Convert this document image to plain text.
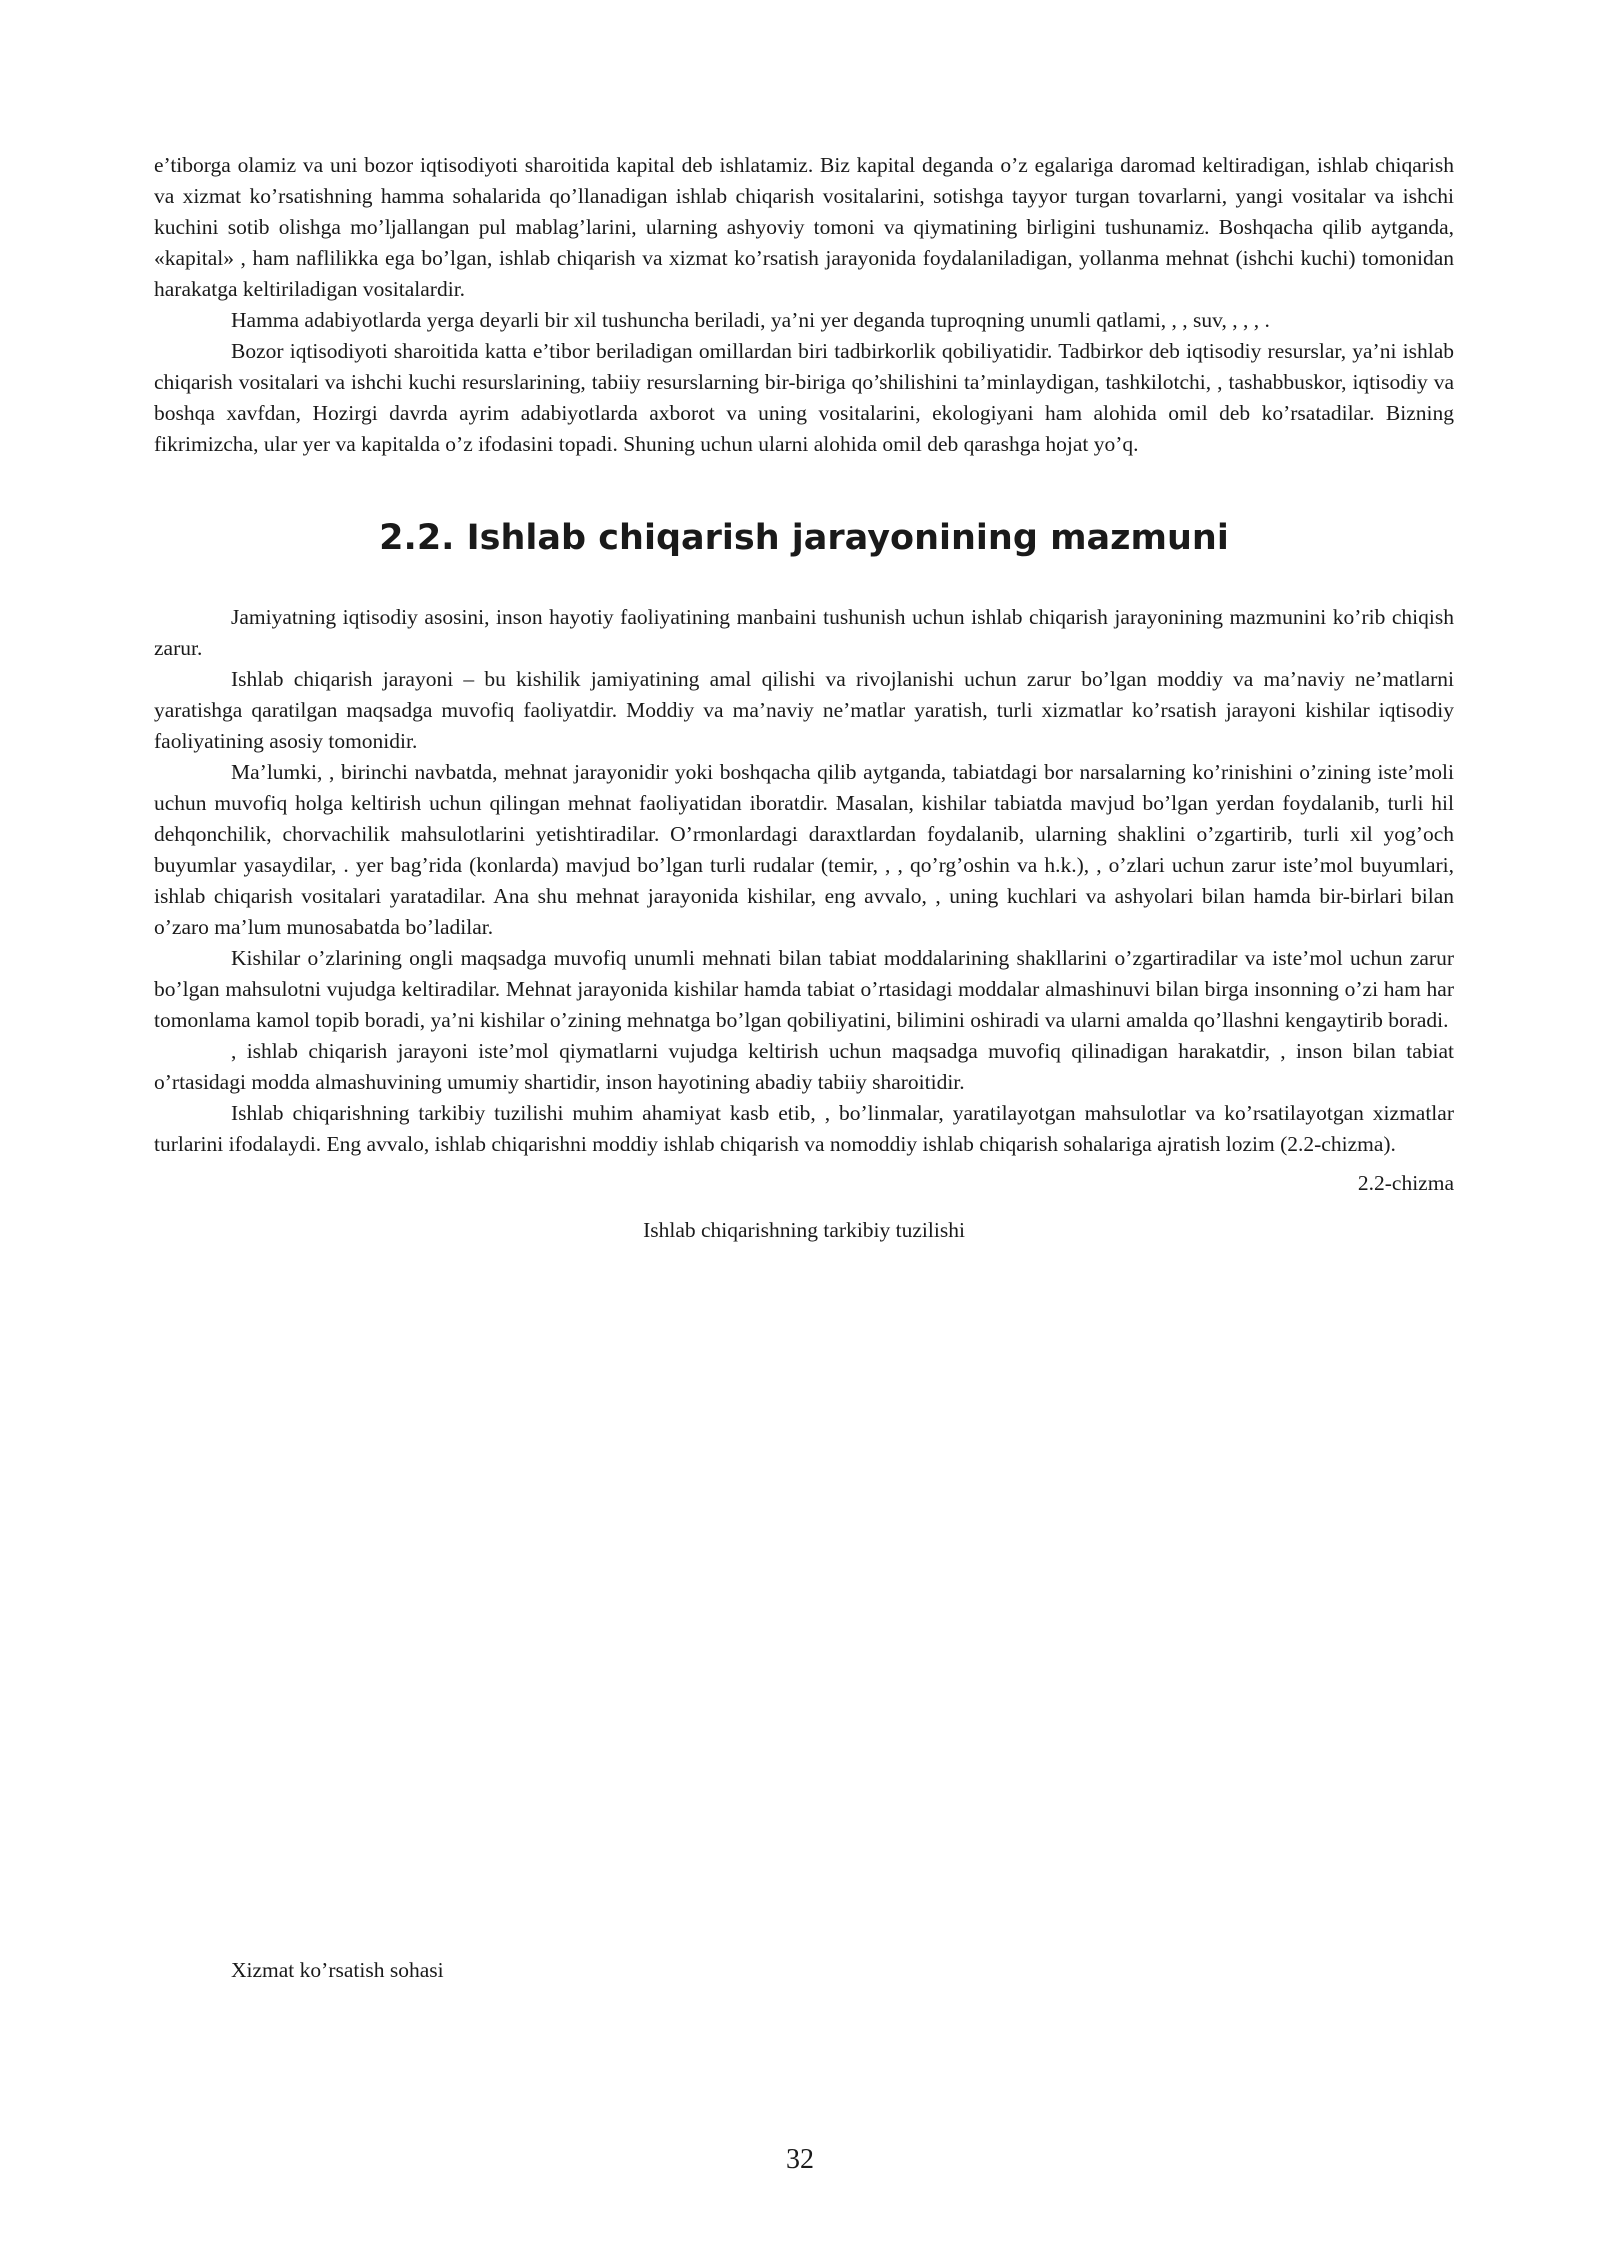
e’tiborga olamiz va uni bozor iqtisodiyoti sharoitida kapital deb ishlatamiz. Biz kapital deganda o’z egalariga daromad keltiradigan, ishlab chiqarish va xizmat ko’rsatishning hamma sohalarida qo’llanadigan ishlab chiqarish vositalarini, sotishga tayyor turgan tovarlarni, yangi vositalar va ishchi kuchini sotib olishga mo’ljallangan pul mablag’larini, ularning ashyoviy tomoni va qiymatining birligini tushunamiz. Boshqacha qilib aytganda, «kapital» , ham naflilikka ega bo’lgan, ishlab chiqarish va xizmat ko’rsatish jarayonida foydalaniladigan, yollanma mehnat (ishchi kuchi) tomonidan harakatga keltiriladigan vositalardir.

Hamma adabiyotlarda yerga deyarli bir xil tushuncha beriladi, ya’ni yer deganda tuproqning unumli qatlami, , , suv, , , , .

Bozor iqtisodiyoti sharoitida katta e’tibor beriladigan omillardan biri tadbirkorlik qobiliyatidir. Tadbirkor deb iqtisodiy resurslar, ya’ni ishlab chiqarish vositalari va ishchi kuchi resurslarining, tabiiy resurslarning bir-biriga qo’shilishini ta’minlaydigan, tashkilotchi, , tashabbuskor, iqtisodiy va boshqa xavfdan, Hozirgi davrda ayrim adabiyotlarda axborot va uning vositalarini, ekologiyani ham alohida omil deb ko’rsatadilar. Bizning fikrimizcha, ular yer va kapitalda o’z ifodasini topadi. Shuning uchun ularni alohida omil deb qarashga hojat yo’q.

2.2. Ishlab chiqarish jarayonining mazmuni

Jamiyatning iqtisodiy asosini, inson hayotiy faoliyatining manbaini tushunish uchun ishlab chiqarish jarayonining mazmunini ko’rib chiqish zarur.

Ishlab chiqarish jarayoni – bu kishilik jamiyatining amal qilishi va rivojlanishi uchun zarur bo’lgan moddiy va ma’naviy ne’matlarni yaratishga qaratilgan maqsadga muvofiq faoliyatdir. Moddiy va ma’naviy ne’matlar yaratish, turli xizmatlar ko’rsatish jarayoni kishilar iqtisodiy faoliyatining asosiy tomonidir.

Ma’lumki, , birinchi navbatda, mehnat jarayonidir yoki boshqacha qilib aytganda, tabiatdagi bor narsalarning ko’rinishini o’zining iste’moli uchun muvofiq holga keltirish uchun qilingan mehnat faoliyatidan iboratdir. Masalan, kishilar tabiatda mavjud bo’lgan yerdan foydalanib, turli hil dehqonchilik, chorvachilik mahsulotlarini yetishtiradilar. O’rmonlardagi daraxtlardan foydalanib, ularning shaklini o’zgartirib, turli xil yog’och buyumlar yasaydilar, . yer bag’rida (konlarda) mavjud bo’lgan turli rudalar (temir, , , qo’rg’oshin va h.k.), , o’zlari uchun zarur iste’mol buyumlari, ishlab chiqarish vositalari yaratadilar. Ana shu mehnat jarayonida kishilar, eng avvalo, , uning kuchlari va ashyolari bilan hamda bir-birlari bilan o’zaro ma’lum munosabatda bo’ladilar.

Kishilar o’zlarining ongli maqsadga muvofiq unumli mehnati bilan tabiat moddalarining shakllarini o’zgartiradilar va iste’mol uchun zarur bo’lgan mahsulotni vujudga keltiradilar. Mehnat jarayonida kishilar hamda tabiat o’rtasidagi moddalar almashinuvi bilan birga insonning o’zi ham har tomonlama kamol topib boradi, ya’ni kishilar o’zining mehnatga bo’lgan qobiliyatini, bilimini oshiradi va ularni amalda qo’llashni kengaytirib boradi.

, ishlab chiqarish jarayoni iste’mol qiymatlarni vujudga keltirish uchun maqsadga muvofiq qilinadigan harakatdir, , inson bilan tabiat o’rtasidagi modda almashuvining umumiy shartidir, inson hayotining abadiy tabiiy sharoitidir.

Ishlab chiqarishning tarkibiy tuzilishi muhim ahamiyat kasb etib, , bo’linmalar, yaratilayotgan mahsulotlar va ko’rsatilayotgan xizmatlar turlarini ifodalaydi. Eng avvalo, ishlab chiqarishni moddiy ishlab chiqarish va nomoddiy ishlab chiqarish sohalariga ajratish lozim (2.2-chizma).

2.2-chizma

Ishlab chiqarishning tarkibiy tuzilishi

Xizmat ko’rsatish sohasi

32
